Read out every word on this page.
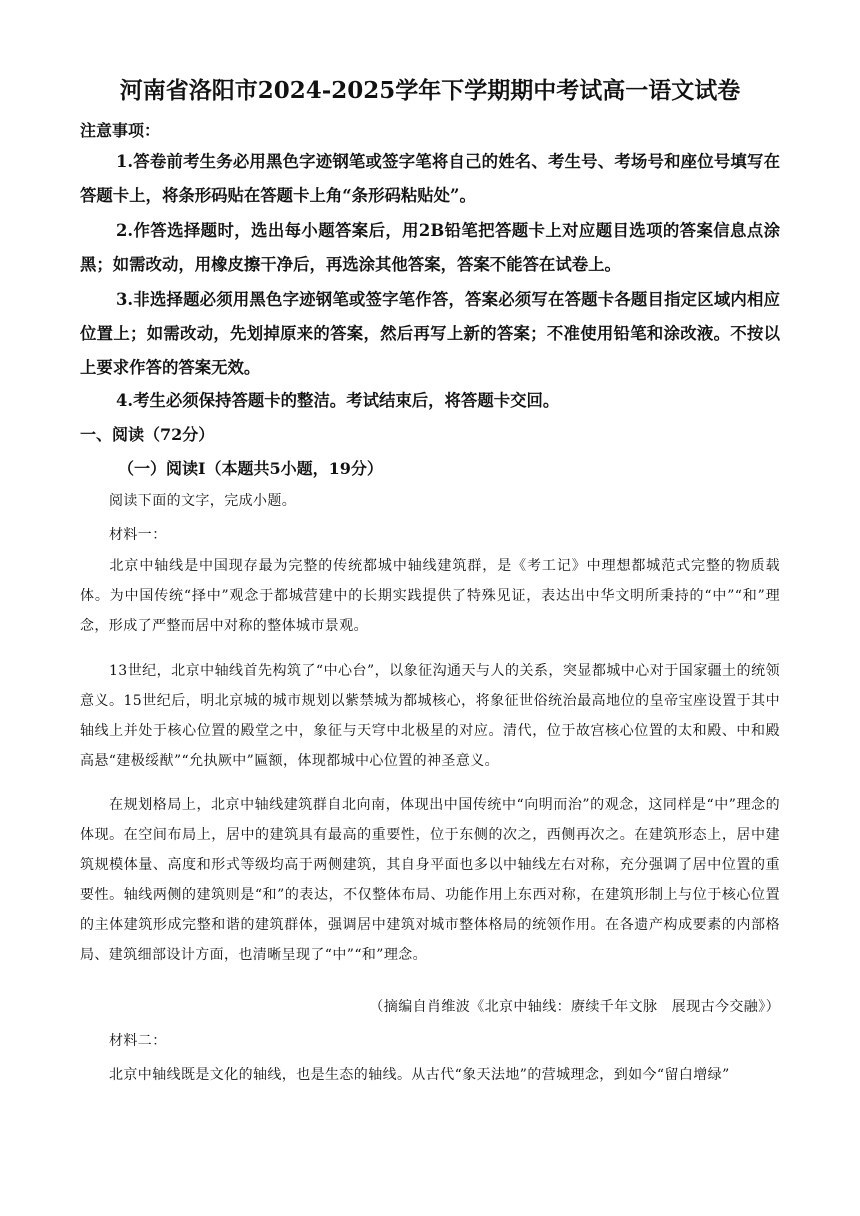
河南省洛阳市2024-2025学年下学期期中考试高一语文试卷
注意事项：
1.答卷前考生务必用黑色字迹钢笔或签字笔将自己的姓名、考生号、考场号和座位号填写在答题卡上，将条形码贴在答题卡上角“条形码粘贴处”。
2.作答选择题时，选出每小题答案后，用2B铅笔把答题卡上对应题目选项的答案信息点涂黑；如需改动，用橡皮擦干净后，再选涂其他答案，答案不能答在试卷上。
3.非选择题必须用黑色字迹钢笔或签字笔作答，答案必须写在答题卡各题目指定区域内相应位置上；如需改动，先划掉原来的答案，然后再写上新的答案；不准使用铅笔和涂改液。不按以上要求作答的答案无效。
4.考生必须保持答题卡的整洁。考试结束后，将答题卡交回。
一、阅读（72分）
（一）阅读Ⅰ（本题共5小题，19分）
阅读下面的文字，完成小题。
材料一：
北京中轴线是中国现存最为完整的传统都城中轴线建筑群，是《考工记》中理想都城范式完整的物质载体。为中国传统“择中”观念于都城营建中的长期实践提供了特殊见证，表达出中华文明所秉持的“中”“和”理念，形成了严整而居中对称的整体城市景观。
13世纪，北京中轴线首先构筑了“中心台”，以象征沟通天与人的关系，突显都城中心对于国家疆土的统领意义。15世纪后，明北京城的城市规划以紫禁城为都城核心，将象征世俗统治最高地位的皇帝宝座设置于其中轴线上并处于核心位置的殿堂之中，象征与天穹中北极星的对应。清代，位于故宫核心位置的太和殿、中和殿高悬“建极绥猷”“允执厥中”匾额，体现都城中心位置的神圣意义。
在规划格局上，北京中轴线建筑群自北向南，体现出中国传统中“向明而治”的观念，这同样是“中”理念的体现。在空间布局上，居中的建筑具有最高的重要性，位于东侧的次之，西侧再次之。在建筑形态上，居中建筑规模体量、高度和形式等级均高于两侧建筑，其自身平面也多以中轴线左右对称，充分强调了居中位置的重要性。轴线两侧的建筑则是“和”的表达，不仅整体布局、功能作用上东西对称，在建筑形制上与位于核心位置的主体建筑形成完整和谐的建筑群体，强调居中建筑对城市整体格局的统领作用。在各遗产构成要素的内部格局、建筑细部设计方面，也清晰呈现了“中”“和”理念。
（摘编自肖维波《北京中轴线：赓续千年文脉　展现古今交融》）
材料二：
北京中轴线既是文化的轴线，也是生态的轴线。从古代“象天法地”的营城理念，到如今“留白增绿”
